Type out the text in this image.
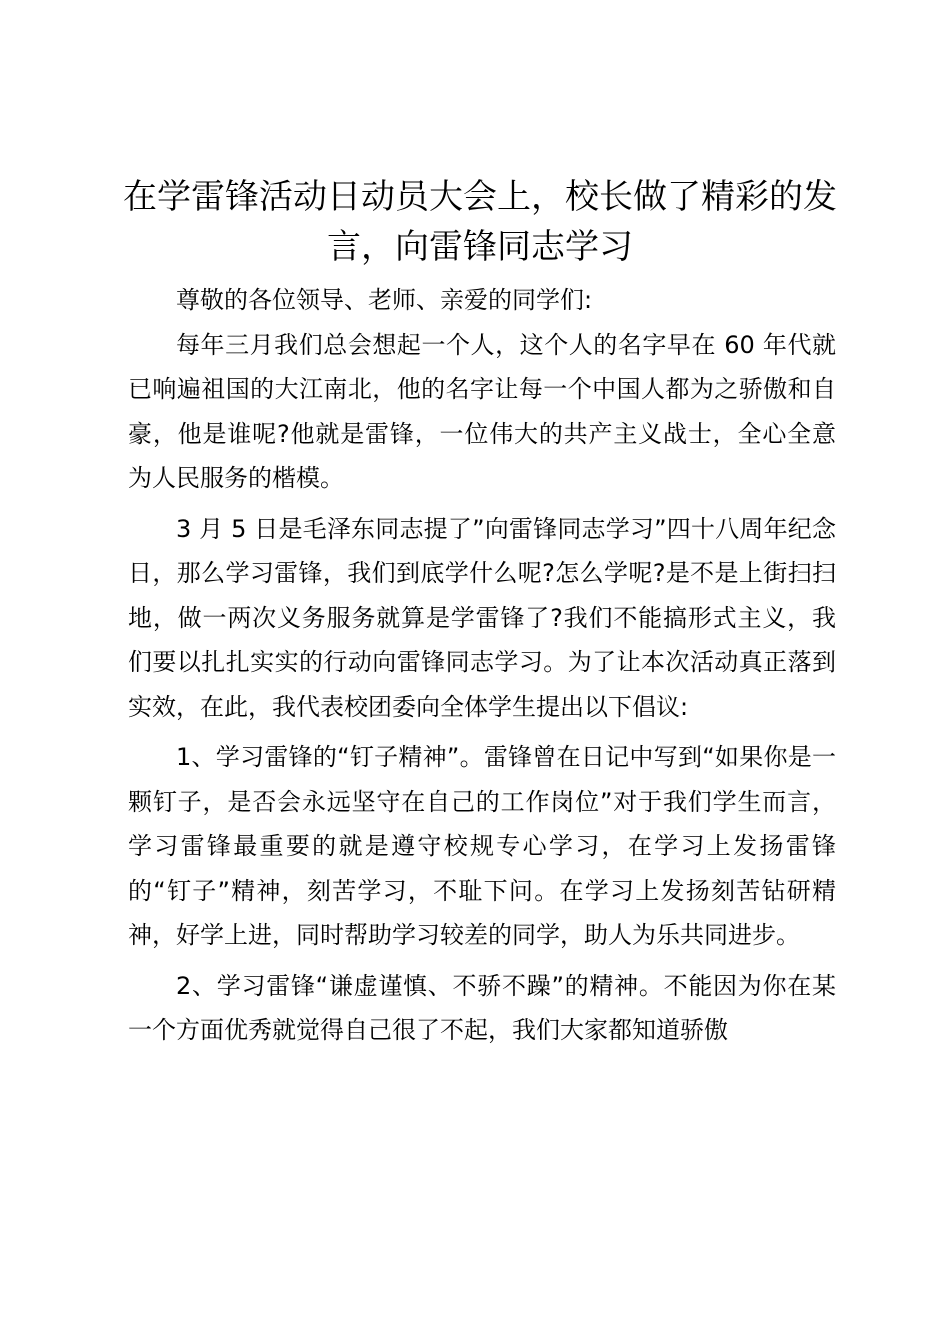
在学雷锋活动日动员大会上，校长做了精彩的发言，向雷锋同志学习

尊敬的各位领导、老师、亲爱的同学们:

每年三月我们总会想起一个人，这个人的名字早在 60 年代就已响遍祖国的大江南北，他的名字让每一个中国人都为之骄傲和自豪，他是谁呢?他就是雷锋，一位伟大的共产主义战士，全心全意为人民服务的楷模。

3 月 5 日是毛泽东同志提了”向雷锋同志学习”四十八周年纪念日，那么学习雷锋，我们到底学什么呢?怎么学呢?是不是上街扫扫地，做一两次义务服务就算是学雷锋了?我们不能搞形式主义，我们要以扎扎实实的行动向雷锋同志学习。为了让本次活动真正落到实效，在此，我代表校团委向全体学生提出以下倡议:

1、学习雷锋的“钉子精神”。雷锋曾在日记中写到“如果你是一颗钉子，是否会永远坚守在自己的工作岗位”对于我们学生而言，学习雷锋最重要的就是遵守校规专心学习，在学习上发扬雷锋的“钉子”精神，刻苦学习，不耻下问。在学习上发扬刻苦钻研精神，好学上进，同时帮助学习较差的同学，助人为乐共同进步。

2、学习雷锋“谦虚谨慎、不骄不躁”的精神。不能因为你在某一个方面优秀就觉得自己很了不起，我们大家都知道骄傲
